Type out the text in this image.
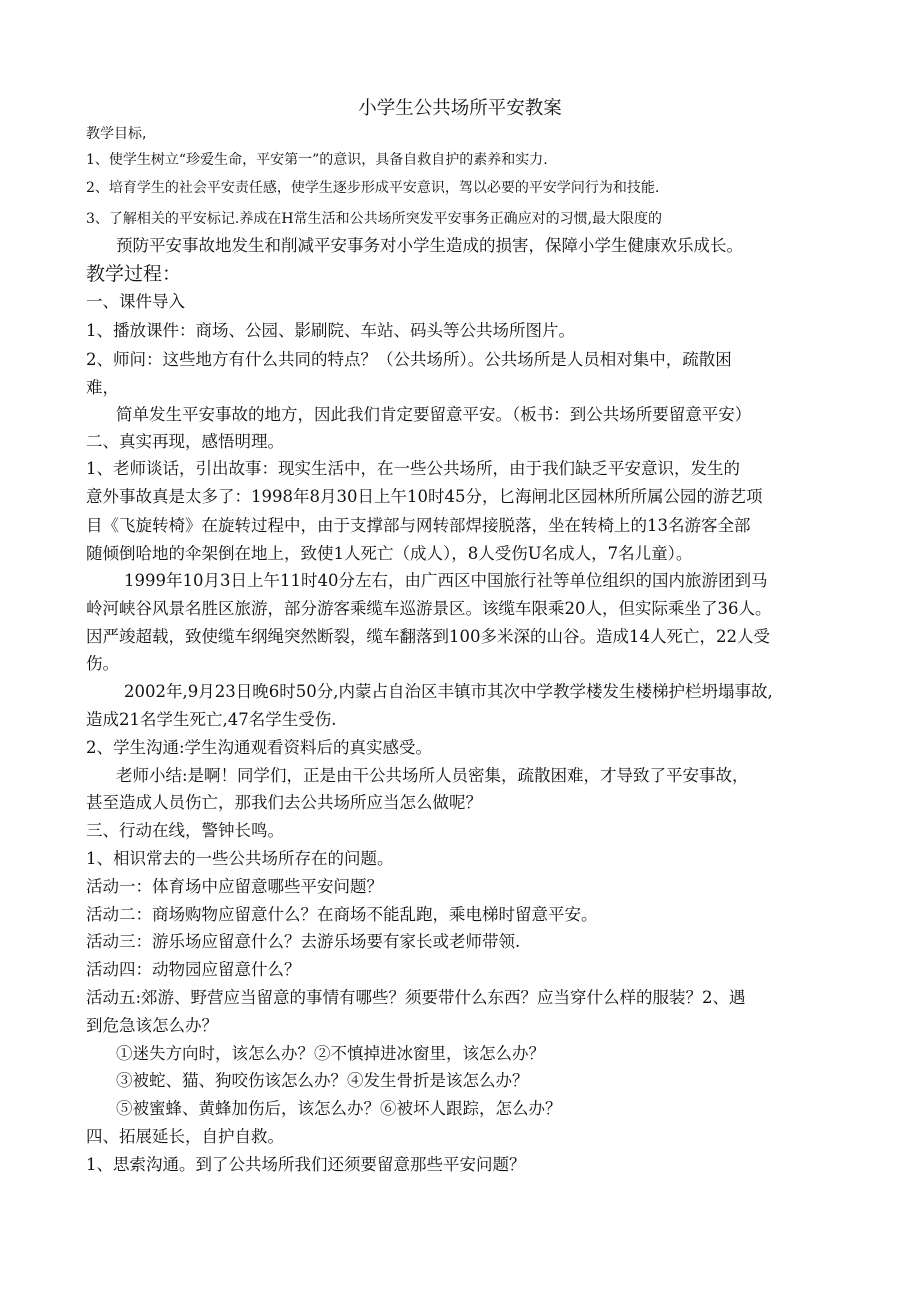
小学生公共场所平安教案
教学目标,
1、使学生树立“珍爱生命，平安第一”的意识，具备自救自护的素养和实力.
2、培育学生的社会平安责任感，使学生逐步形成平安意识，驾以必要的平安学问行为和技能.
3、了解相关的平安标记.养成在H常生活和公共场所突发平安事务正确应对的习惯,最大限度的
预防平安事故地发生和削减平安事务对小学生造成的损害，保障小学生健康欢乐成长。
教学过程：
一、课件导入
1、播放课件：商场、公园、影刷院、车站、码头等公共场所图片。
2、师问：这些地方有什么共同的特点？（公共场所）。公共场所是人员相对集中，疏散困
难，
简单发生平安事故的地方，因此我们肯定要留意平安。（板书：到公共场所要留意平安）
二、真实再现，感悟明理。
1、老师谈话，引出故事：现实生活中，在一些公共场所，由于我们缺乏平安意识，发生的
意外事故真是太多了：1998年8月30日上午10时45分，匕海闸北区园林所所属公园的游艺项
目《飞旋转椅》在旋转过程中，由于支撑部与网转部焊接脱落，坐在转椅上的13名游客全部
随倾倒哈地的伞架倒在地上，致使1人死亡（成人），8人受伤U名成人，7名儿童）。
1999年10月3日上午11时40分左右，由广西区中国旅行社等单位组织的国内旅游团到马
岭河峡谷风景名胜区旅游，部分游客乘缆车巡游景区。该缆车限乘20人，但实际乘坐了36人。
因严竣超载，致使缆车纲绳突然断裂，缆车翻落到100多米深的山谷。造成14人死亡，22人受
伤。
2002年,9月23日晚6时50分,内蒙占自治区丰镇市其次中学教学楼发生楼梯护栏坍塌事故,
造成21名学生死亡,47名学生受伤.
2、学生沟通:学生沟通观看资料后的真实感受。
老师小结:是啊！同学们，正是由干公共场所人员密集，疏散困难，才导致了平安事故，
甚至造成人员伤亡，那我们去公共场所应当怎么做呢？
三、行动在线，警钟长鸣。
1、相识常去的一些公共场所存在的问题。
活动一：体育场中应留意哪些平安问题？
活动二：商场购物应留意什么？在商场不能乱跑，乘电梯时留意平安。
活动三：游乐场应留意什么？去游乐场要有家长或老师带领.
活动四：动物园应留意什么？
活动五:郊游、野营应当留意的事情有哪些？须要带什么东西？应当穿什么样的服装？2、遇
到危急该怎么办？
①迷失方向时，该怎么办？②不慎掉进冰窗里，该怎么办？
③被蛇、猫、狗咬伤该怎么办？④发生骨折是该怎么办？
⑤被蜜蜂、黄蜂加伤后，该怎么办？⑥被坏人跟踪，怎么办？
四、拓展延长，自护自救。
1、思索沟通。到了公共场所我们还须要留意那些平安问题？
